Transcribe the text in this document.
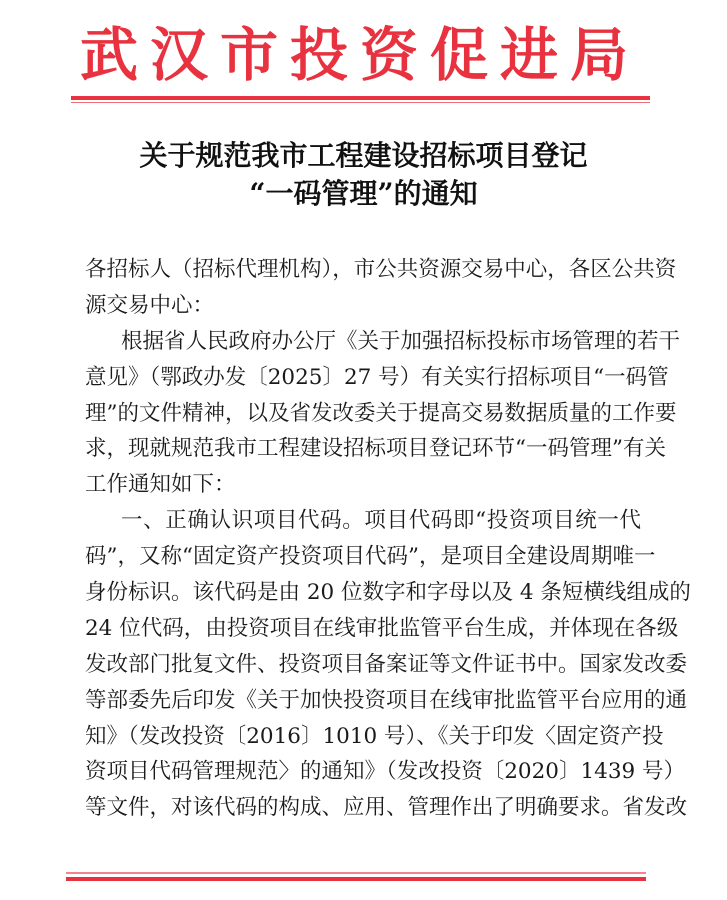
武汉市投资促进局
关于规范我市工程建设招标项目登记
“一码管理”的通知
各招标人（招标代理机构），市公共资源交易中心，各区公共资
源交易中心：
根据省人民政府办公厅《关于加强招标投标市场管理的若干
意见》（鄂政办发〔2025〕27 号）有关实行招标项目“一码管
理”的文件精神，以及省发改委关于提高交易数据质量的工作要
求，现就规范我市工程建设招标项目登记环节“一码管理”有关
工作通知如下：
一、正确认识项目代码。项目代码即“投资项目统一代
码”，又称“固定资产投资项目代码”，是项目全建设周期唯一
身份标识。该代码是由 20 位数字和字母以及 4 条短横线组成的
24 位代码，由投资项目在线审批监管平台生成，并体现在各级
发改部门批复文件、投资项目备案证等文件证书中。国家发改委
等部委先后印发《关于加快投资项目在线审批监管平台应用的通
知》（发改投资〔2016〕1010 号）、《关于印发〈固定资产投
资项目代码管理规范〉的通知》（发改投资〔2020〕1439 号）
等文件，对该代码的构成、应用、管理作出了明确要求。省发改
